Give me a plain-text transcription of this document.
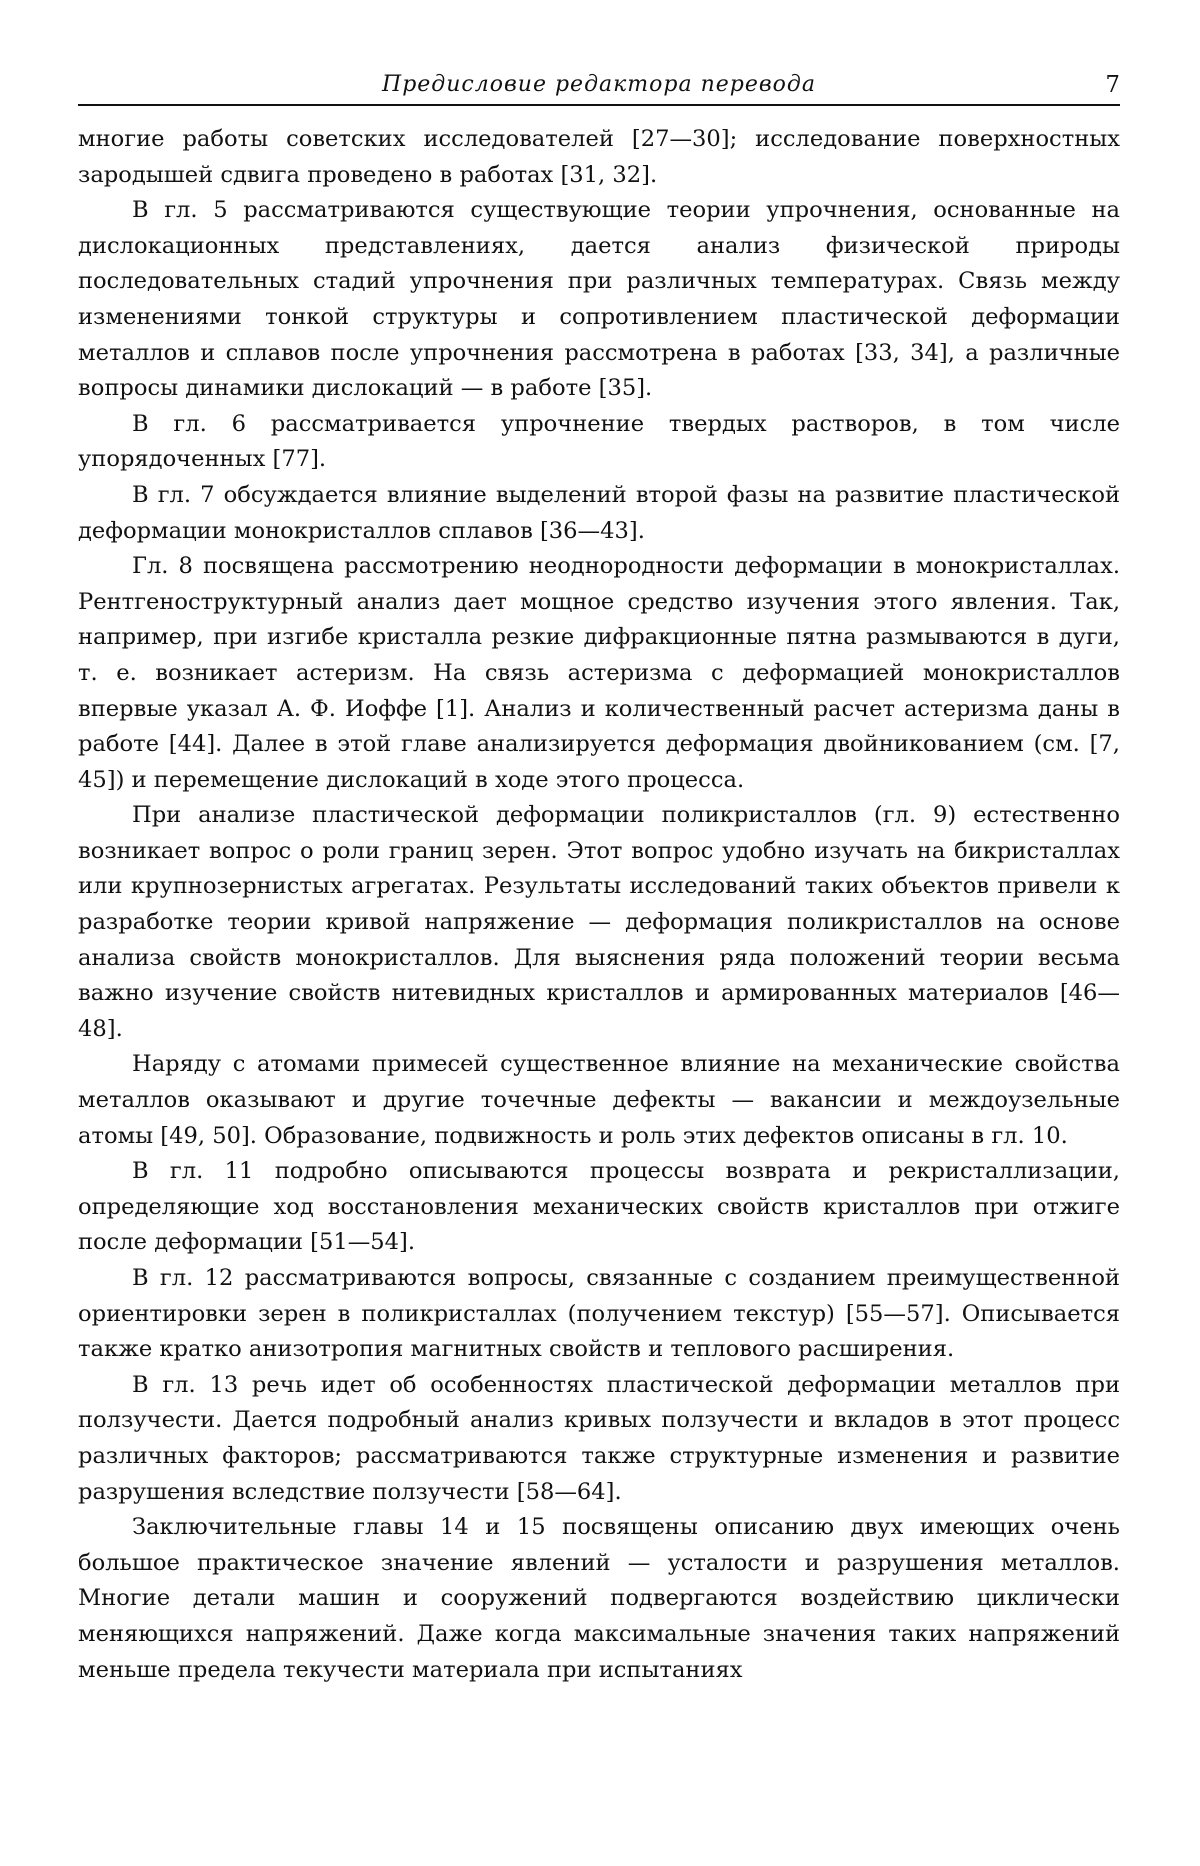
Предисловие редактора перевода	7

многие работы советских исследователей [27—30]; исследование поверхностных зародышей сдвига проведено в работах [31, 32].

В гл. 5 рассматриваются существующие теории упрочнения, основанные на дислокационных представлениях, дается анализ физической природы последовательных стадий упрочнения при различных температурах. Связь между изменениями тонкой структуры и сопротивлением пластической деформации металлов и сплавов после упрочнения рассмотрена в работах [33, 34], а различные вопросы динамики дислокаций — в работе [35].

В гл. 6 рассматривается упрочнение твердых растворов, в том числе упорядоченных [77].

В гл. 7 обсуждается влияние выделений второй фазы на развитие пластической деформации монокристаллов сплавов [36—43].

Гл. 8 посвящена рассмотрению неоднородности деформации в монокристаллах. Рентгеноструктурный анализ дает мощное средство изучения этого явления. Так, например, при изгибе кристалла резкие дифракционные пятна размываются в дуги, т. е. возникает астеризм. На связь астеризма с деформацией монокристаллов впервые указал А. Ф. Иоффе [1]. Анализ и количественный расчет астеризма даны в работе [44]. Далее в этой главе анализируется деформация двойникованием (см. [7, 45]) и перемещение дислокаций в ходе этого процесса.

При анализе пластической деформации поликристаллов (гл. 9) естественно возникает вопрос о роли границ зерен. Этот вопрос удобно изучать на бикристаллах или крупнозернистых агрегатах. Результаты исследований таких объектов привели к разработке теории кривой напряжение — деформация поликристаллов на основе анализа свойств монокристаллов. Для выяснения ряда положений теории весьма важно изучение свойств нитевидных кристаллов и армированных материалов [46—48].

Наряду с атомами примесей существенное влияние на механические свойства металлов оказывают и другие точечные дефекты — вакансии и междоузельные атомы [49, 50]. Образование, подвижность и роль этих дефектов описаны в гл. 10.

В гл. 11 подробно описываются процессы возврата и рекристаллизации, определяющие ход восстановления механических свойств кристаллов при отжиге после деформации [51—54].

В гл. 12 рассматриваются вопросы, связанные с созданием преимущественной ориентировки зерен в поликристаллах (получением текстур) [55—57]. Описывается также кратко анизотропия магнитных свойств и теплового расширения.

В гл. 13 речь идет об особенностях пластической деформации металлов при ползучести. Дается подробный анализ кривых ползучести и вкладов в этот процесс различных факторов; рассматриваются также структурные изменения и развитие разрушения вследствие ползучести [58—64].

Заключительные главы 14 и 15 посвящены описанию двух имеющих очень большое практическое значение явлений — усталости и разрушения металлов. Многие детали машин и сооружений подвергаются воздействию циклически меняющихся напряжений. Даже когда максимальные значения таких напряжений меньше предела текучести материала при испытаниях
